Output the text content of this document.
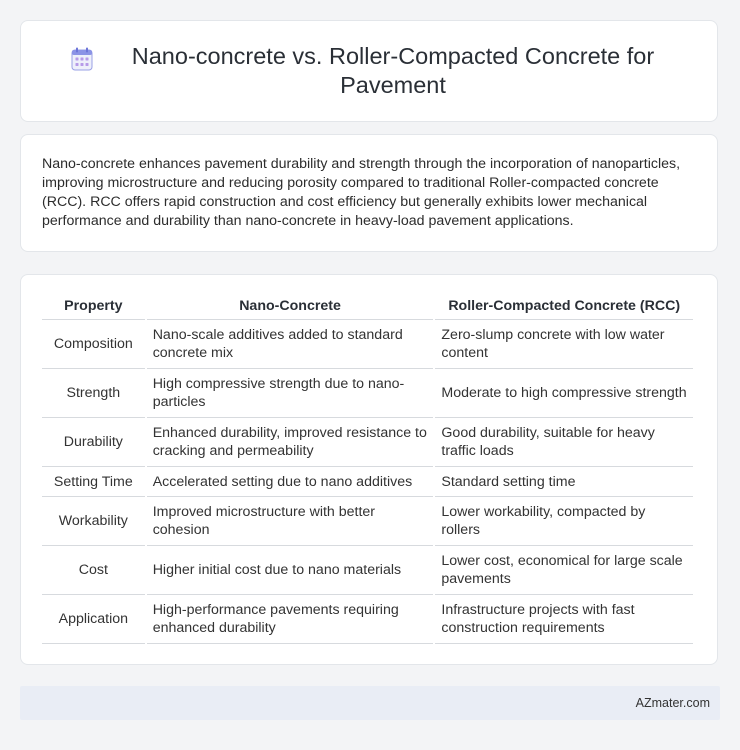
Nano-concrete vs. Roller-Compacted Concrete for Pavement

Nano-concrete enhances pavement durability and strength through the incorporation of nanoparticles, improving microstructure and reducing porosity compared to traditional Roller-compacted concrete (RCC). RCC offers rapid construction and cost efficiency but generally exhibits lower mechanical performance and durability than nano-concrete in heavy-load pavement applications.

Property	Nano-Concrete	Roller-Compacted Concrete (RCC)
Composition	Nano-scale additives added to standard concrete mix	Zero-slump concrete with low water content
Strength	High compressive strength due to nano-particles	Moderate to high compressive strength
Durability	Enhanced durability, improved resistance to cracking and permeability	Good durability, suitable for heavy traffic loads
Setting Time	Accelerated setting due to nano additives	Standard setting time
Workability	Improved microstructure with better cohesion	Lower workability, compacted by rollers
Cost	Higher initial cost due to nano materials	Lower cost, economical for large scale pavements
Application	High-performance pavements requiring enhanced durability	Infrastructure projects with fast construction requirements
AZmater.com
